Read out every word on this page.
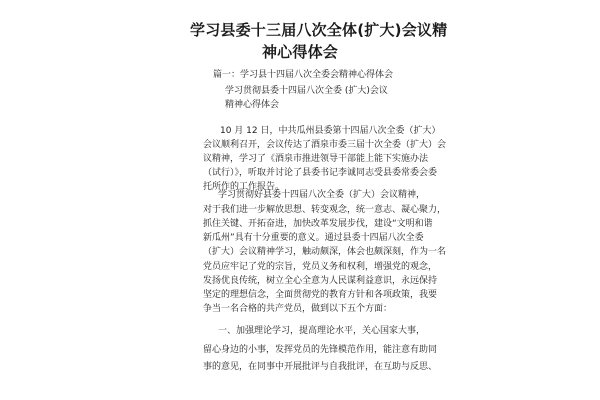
学习县委十三届八次全体(扩大)会议精
神心得体会
篇一：学习县十四届八次全委会精神心得体会
学习贯彻县委十四届八次全委 (扩大)会议
精神心得体会
10 月 12 日，中共瓜州县委第十四届八次全委（扩大）
会议顺利召开，会议传达了酒泉市委三届十次全委（扩大）会
议精神，学习了《酒泉市推进领导干部能上能下实施办法
（试行）》，听取并讨论了县委书记李诚同志受县委常委会委
托所作的工作报告。
学习贯彻好县委十四届八次全委（扩大）会议精神，
对于我们进一步解放思想、转变观念，统一意志、凝心聚力，
抓住关键、开拓奋进，加快改革发展步伐，建设“文明和谐
新瓜州”具有十分重要的意义。通过县委十四届八次全委
（扩大）会议精神学习，触动颇深，体会也颇深刻，作为一名
党员应牢记了党的宗旨，党员义务和权利，增强党的观念，
发扬优良传统，树立全心全意为人民谋利益意识，永远保持
坚定的理想信念，全面贯彻党的教育方针和各项政策，我要
争当一名合格的共产党员，做到以下五个方面：
一、加强理论学习，提高理论水平，关心国家大事，
留心身边的小事，发挥党员的先锋模范作用，能注意有助同
事的意见，在同事中开展批评与自我批评，在互助与反思、
